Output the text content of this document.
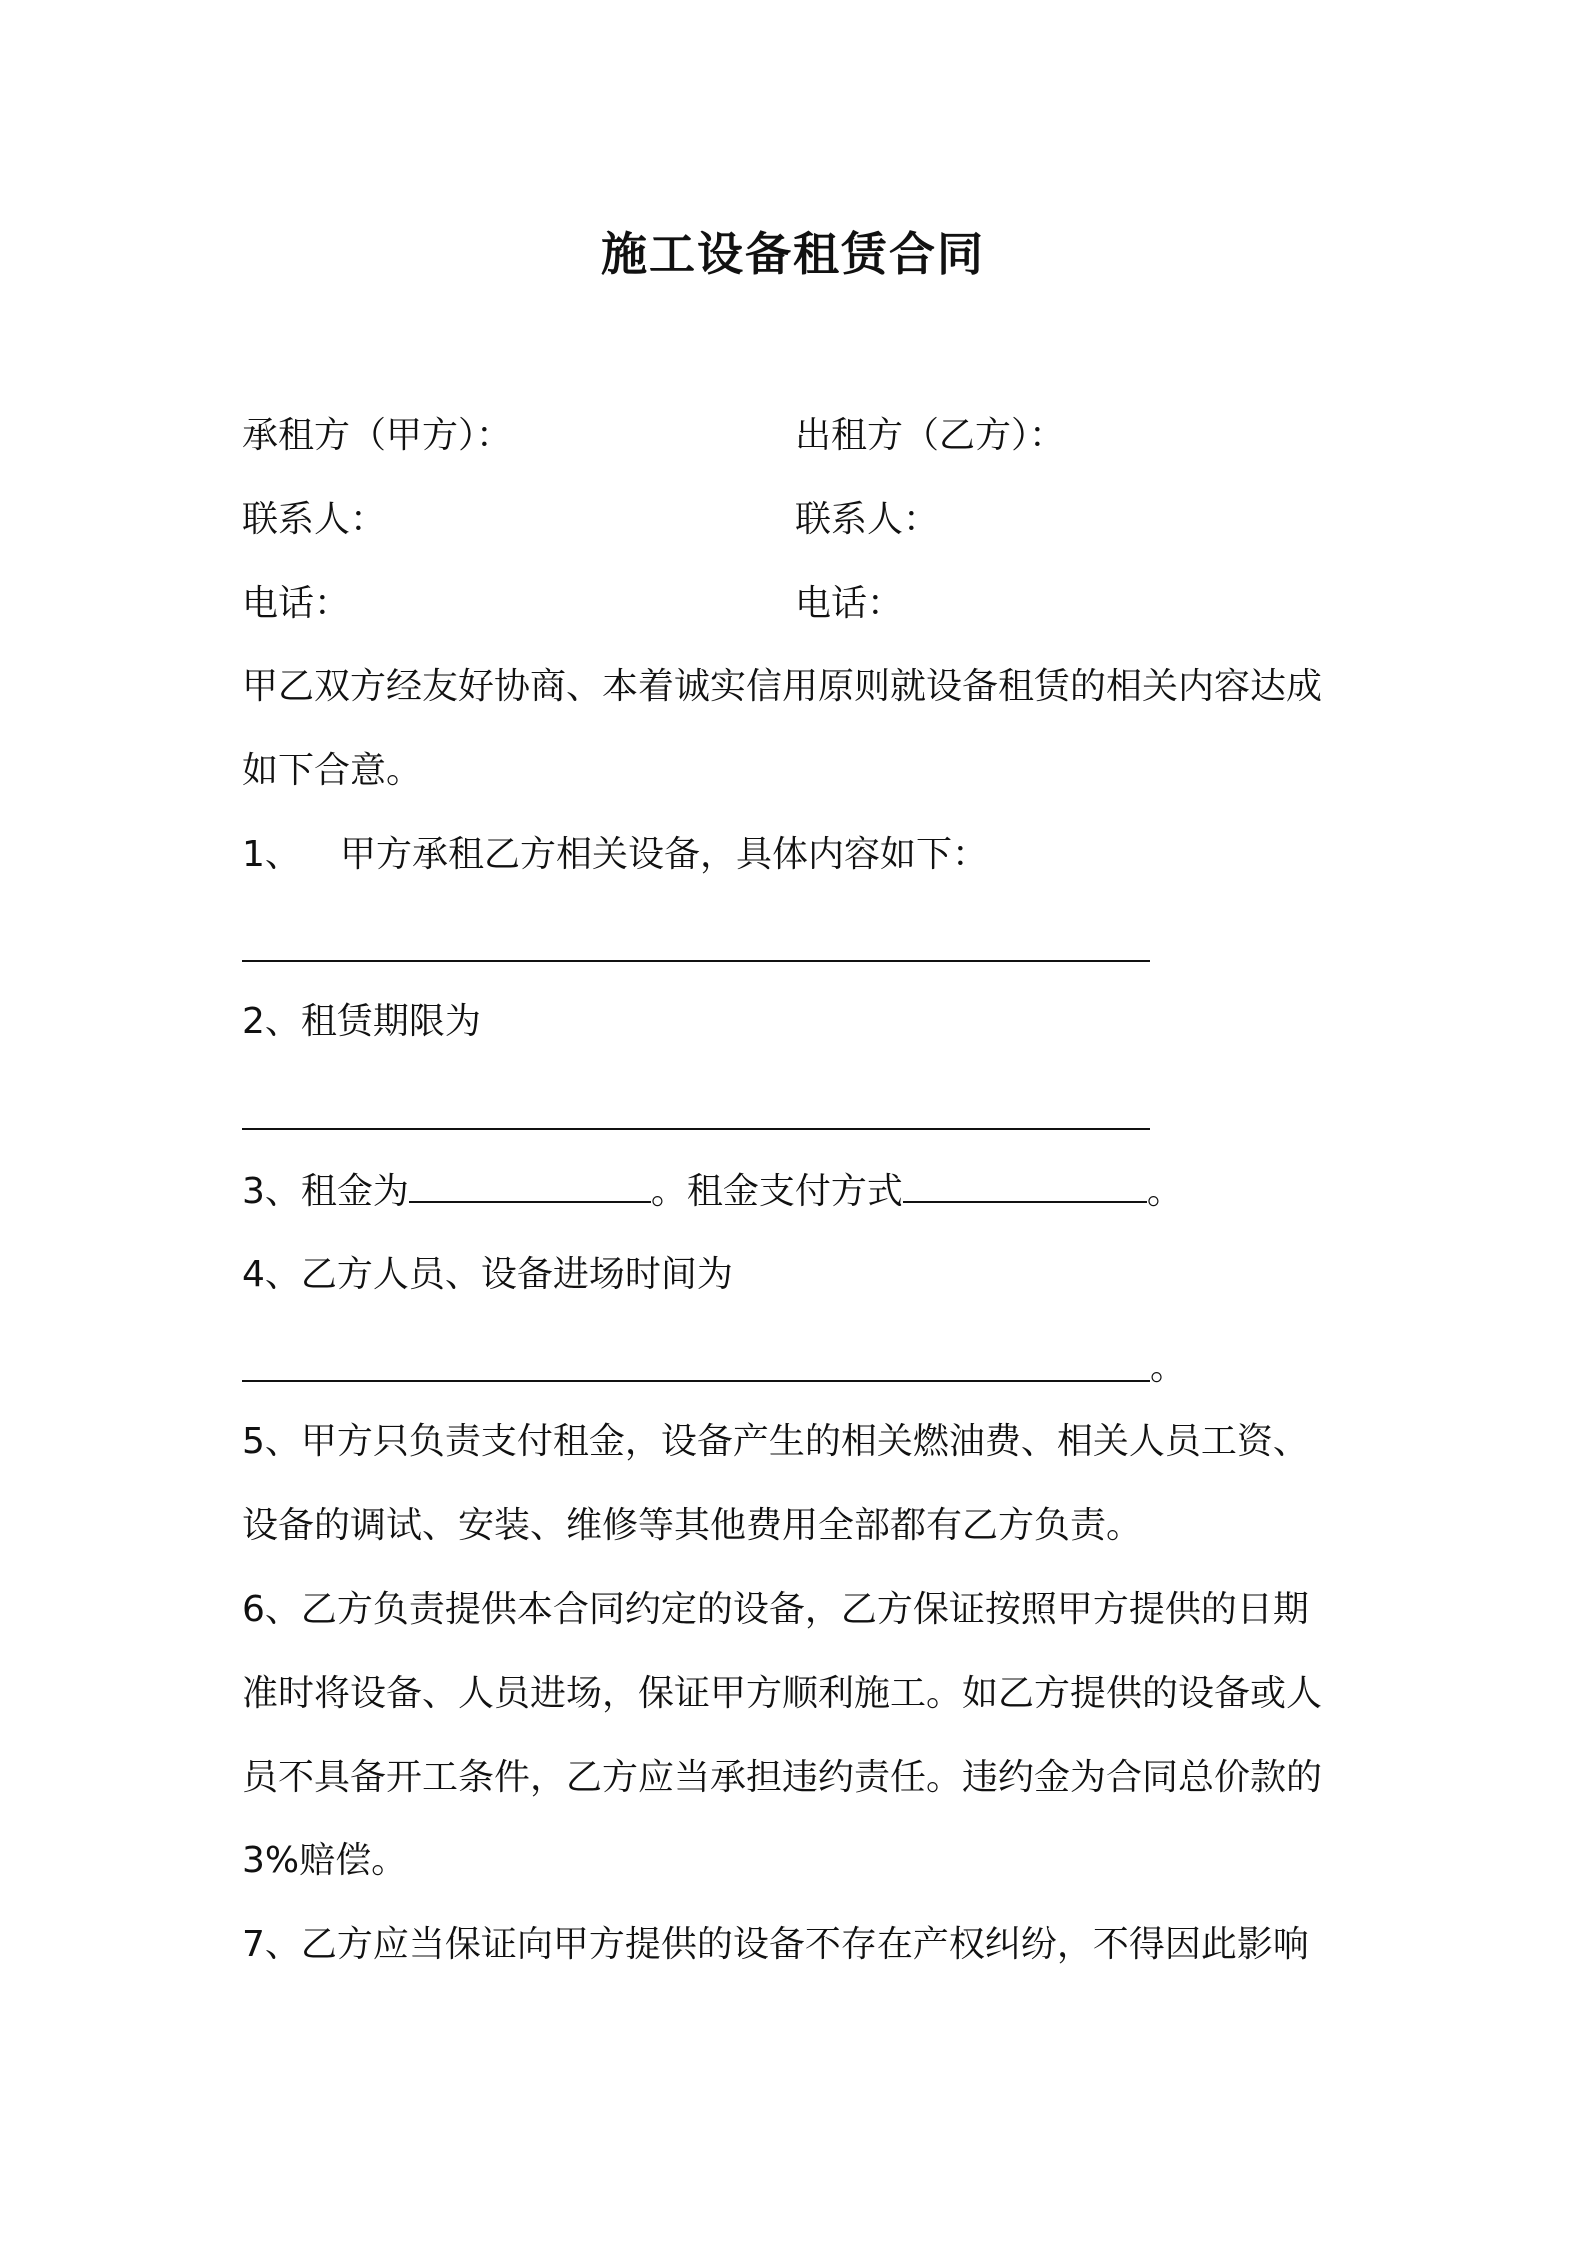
施工设备租赁合同
承租方（甲方）：	出租方（乙方）：
联系人：	联系人：
电话：	电话：
甲乙双方经友好协商、本着诚实信用原则就设备租赁的相关内容达成
如下合意。
1、 甲方承租乙方相关设备，具体内容如下：
2、租赁期限为
3、租金为	。租金支付方式	。
4、乙方人员、设备进场时间为
。
5、甲方只负责支付租金，设备产生的相关燃油费、相关人员工资、
设备的调试、安装、维修等其他费用全部都有乙方负责。
6、乙方负责提供本合同约定的设备，乙方保证按照甲方提供的日期
准时将设备、人员进场，保证甲方顺利施工。如乙方提供的设备或人
员不具备开工条件，乙方应当承担违约责任。违约金为合同总价款的
3%赔偿。
7、乙方应当保证向甲方提供的设备不存在产权纠纷，不得因此影响
